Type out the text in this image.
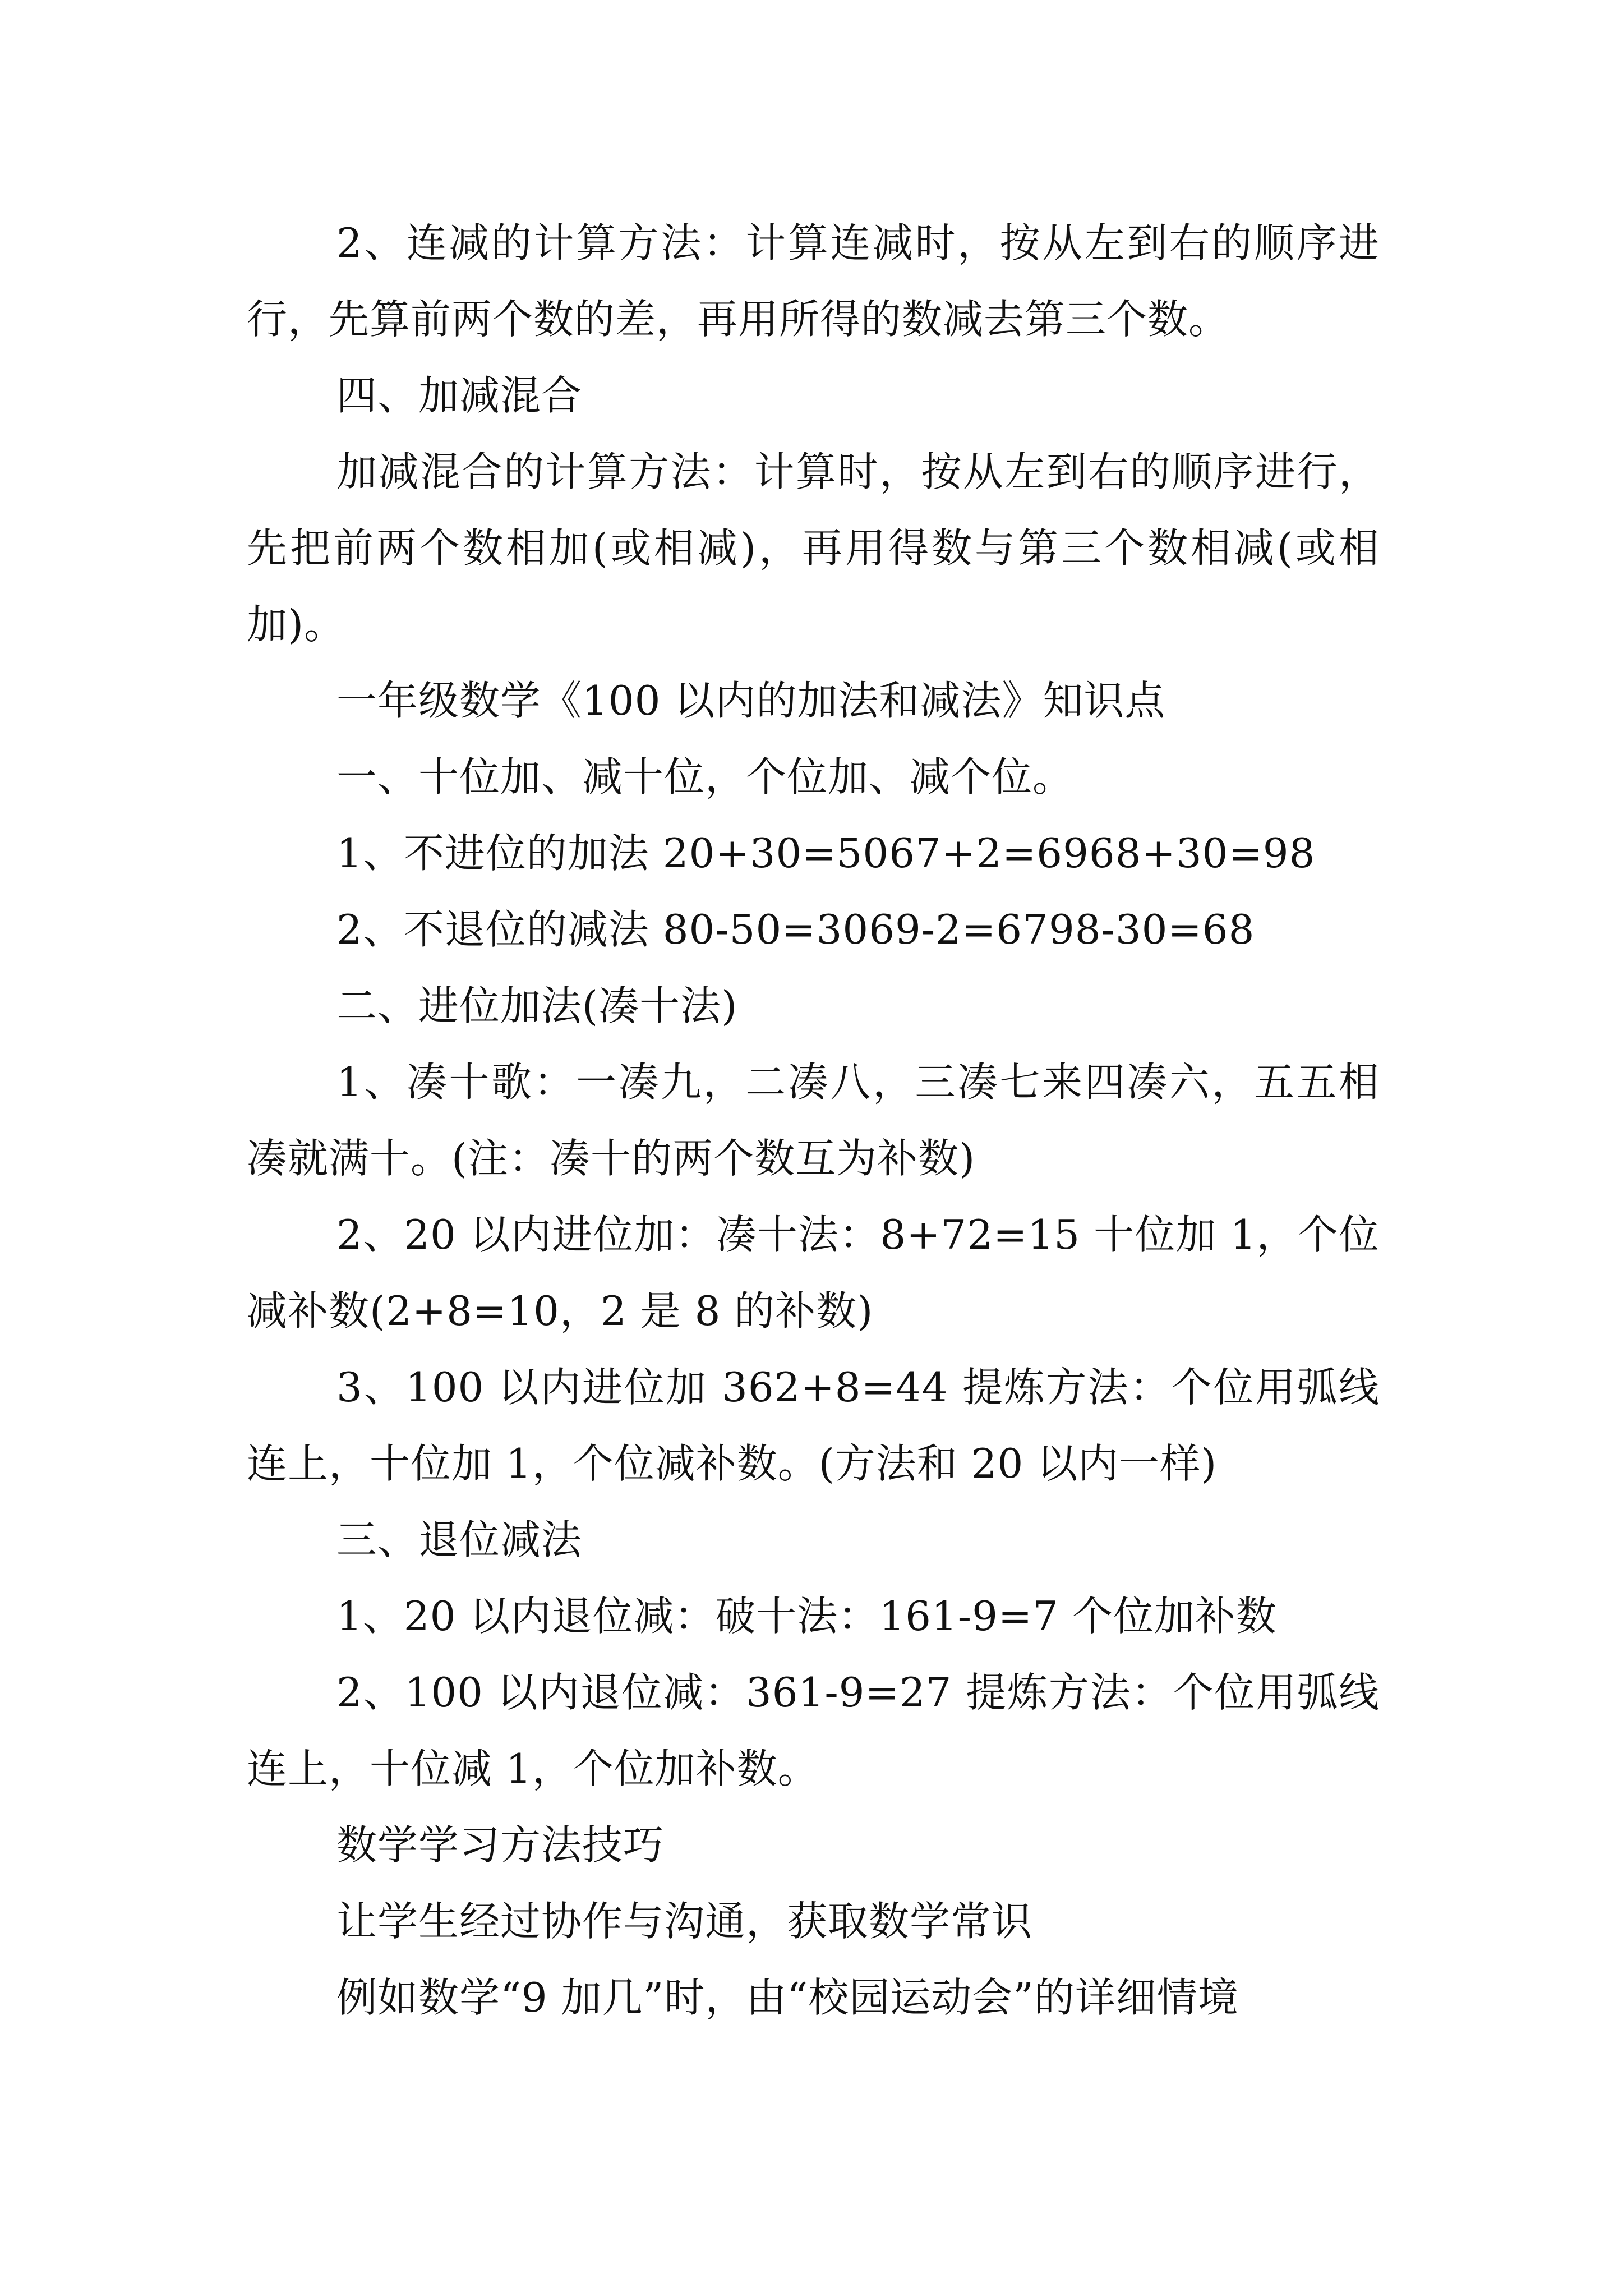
2、连减的计算方法：计算连减时，按从左到右的顺序进行，先算前两个数的差，再用所得的数减去第三个数。

四、加减混合

加减混合的计算方法：计算时，按从左到右的顺序进行，先把前两个数相加(或相减)，再用得数与第三个数相减(或相加)。

一年级数学《100 以内的加法和减法》知识点

一、十位加、减十位，个位加、减个位。

1、不进位的加法 20+30=5067+2=6968+30=98

2、不退位的减法 80-50=3069-2=6798-30=68

二、进位加法(凑十法)

1、凑十歌：一凑九，二凑八，三凑七来四凑六，五五相凑就满十。(注：凑十的两个数互为补数)

2、20 以内进位加：凑十法：8+72=15 十位加 1，个位减补数(2+8=10，2 是 8 的补数)

3、100 以内进位加 362+8=44 提炼方法：个位用弧线连上，十位加 1，个位减补数。(方法和 20 以内一样)

三、退位减法

1、20 以内退位减：破十法：161-9=7 个位加补数

2、100 以内退位减：361-9=27 提炼方法：个位用弧线连上，十位减 1，个位加补数。

数学学习方法技巧

让学生经过协作与沟通，获取数学常识

例如数学“9 加几”时，由“校园运动会”的详细情境
